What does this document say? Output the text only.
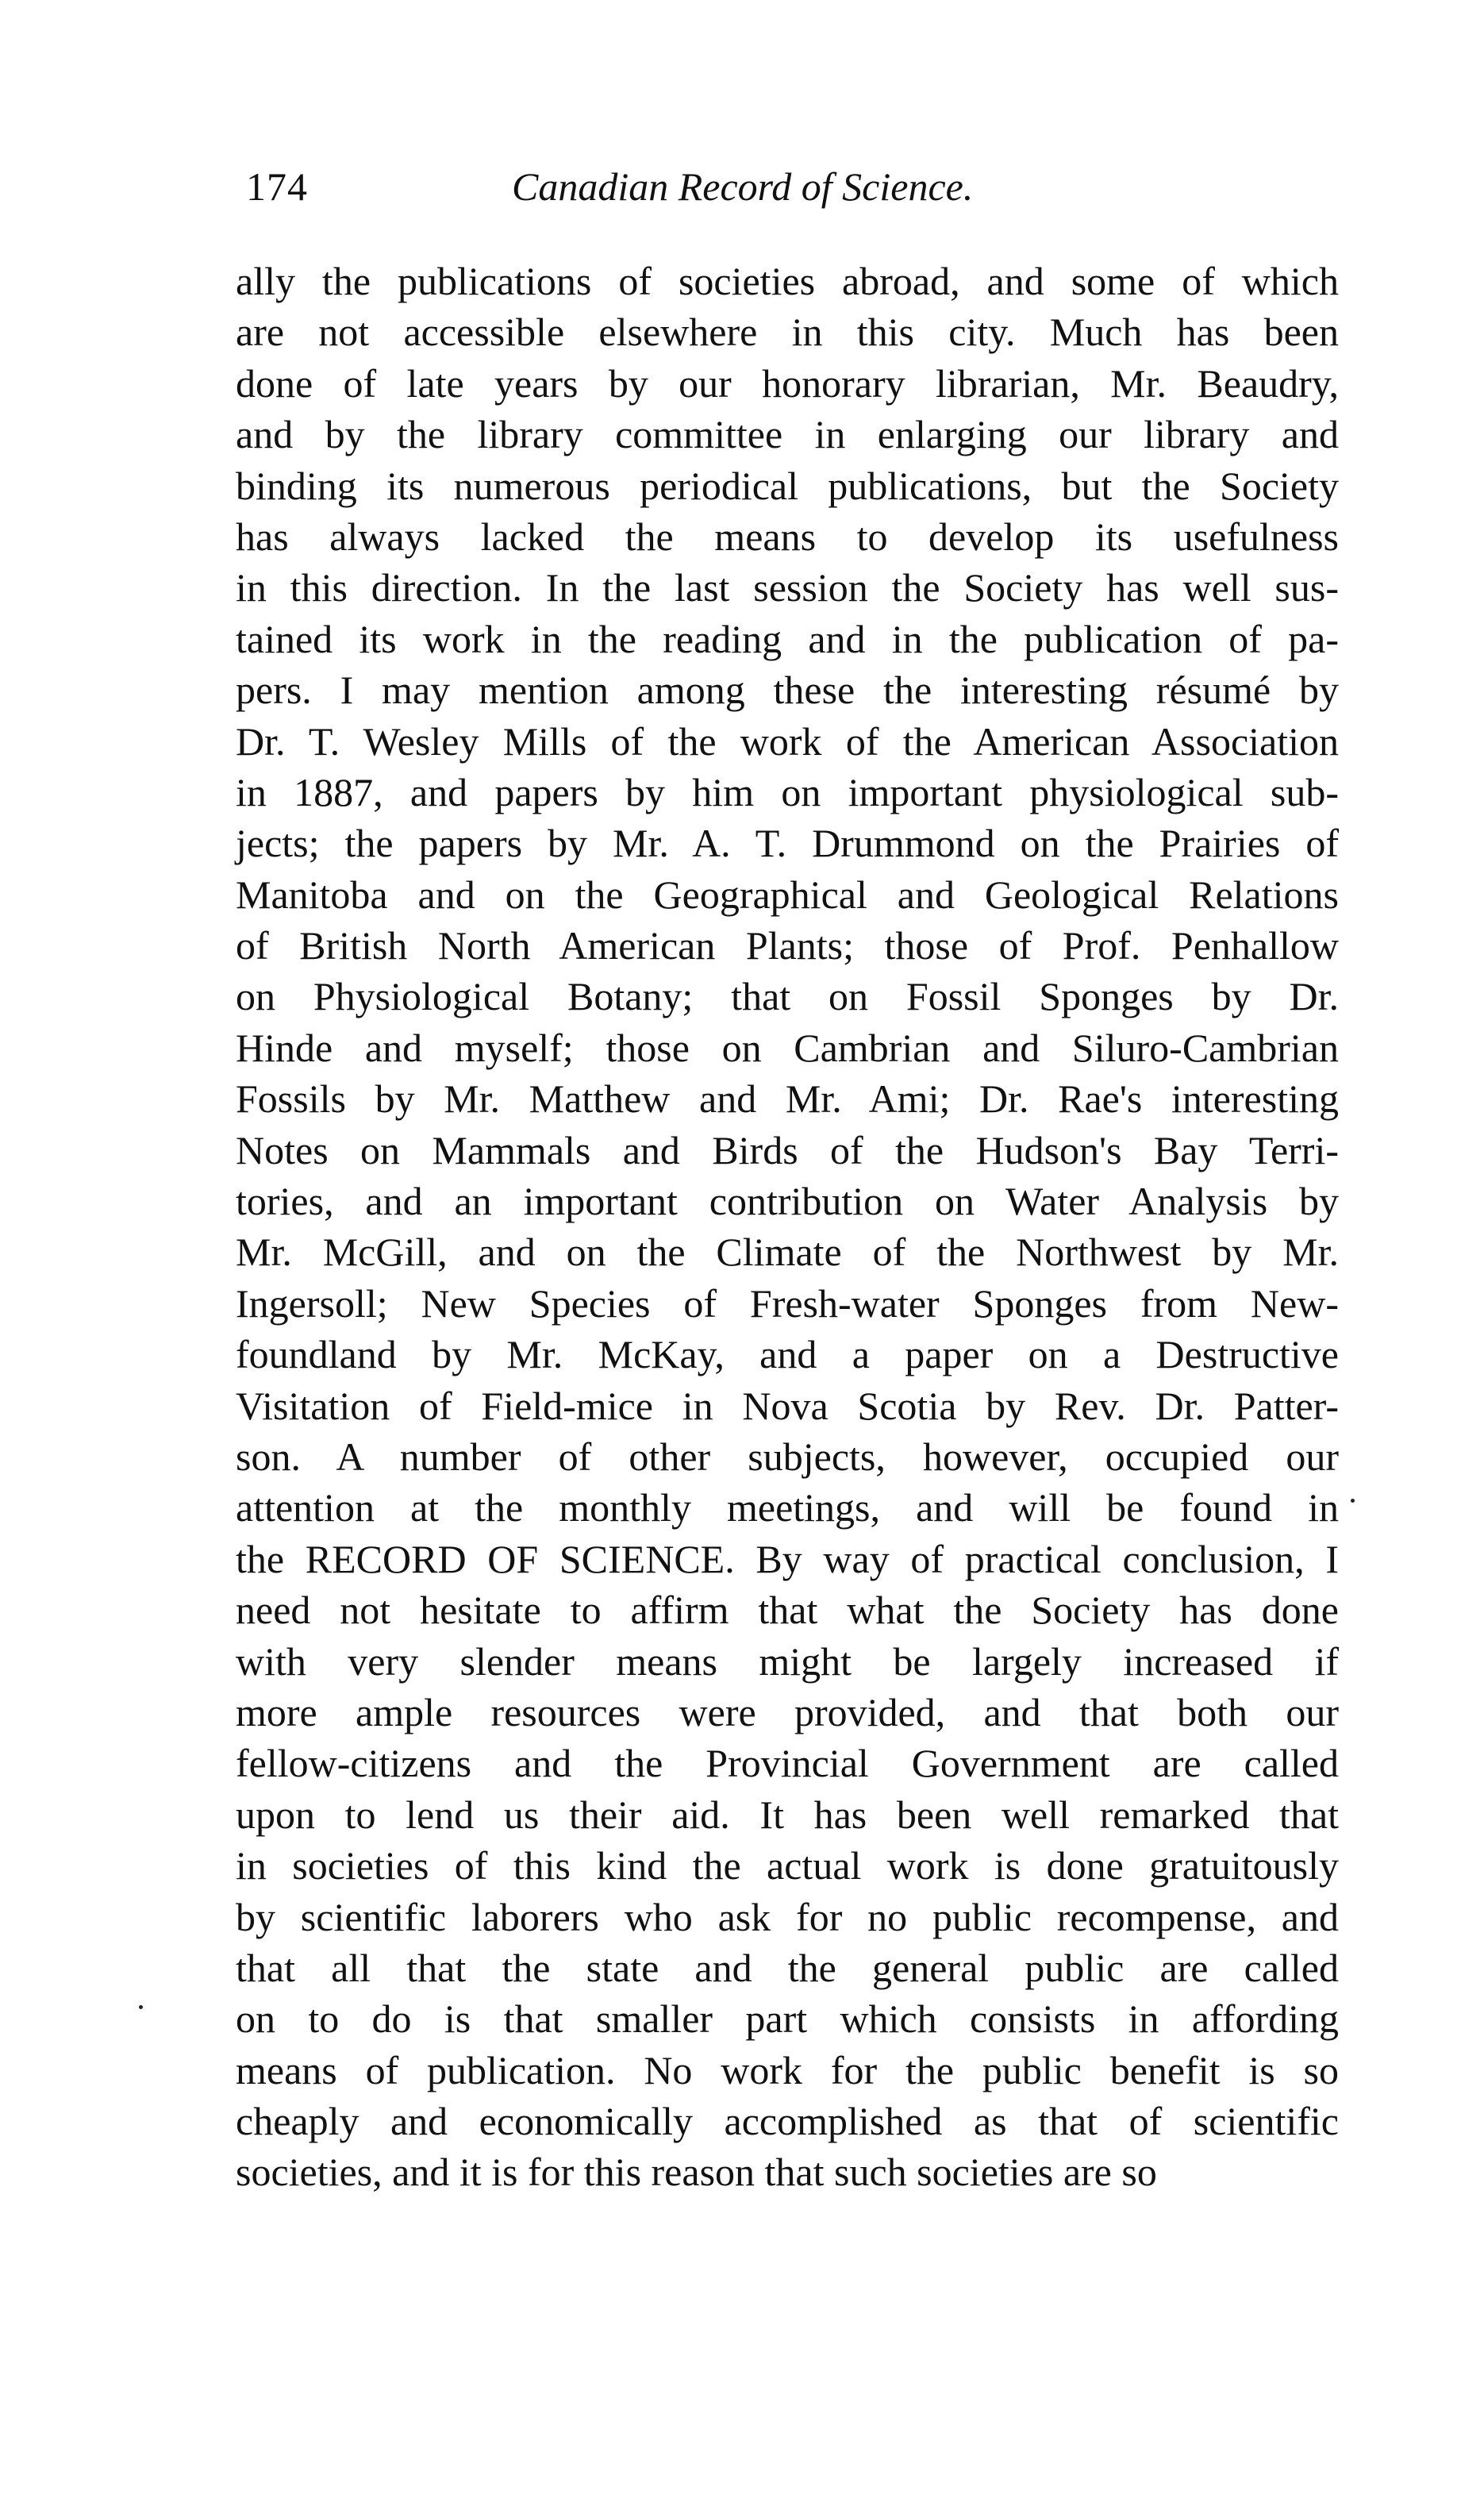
174	Canadian Record of Science.
ally the publications of societies abroad, and some of which
are not accessible elsewhere in this city. Much has been
done of late years by our honorary librarian, Mr. Beaudry,
and by the library committee in enlarging our library and
binding its numerous periodical publications, but the Society
has always lacked the means to develop its usefulness
in this direction. In the last session the Society has well sus-
tained its work in the reading and in the publication of pa-
pers. I may mention among these the interesting résumé by
Dr. T. Wesley Mills of the work of the American Association
in 1887, and papers by him on important physiological sub-
jects; the papers by Mr. A. T. Drummond on the Prairies of
Manitoba and on the Geographical and Geological Relations
of British North American Plants; those of Prof. Penhallow
on Physiological Botany; that on Fossil Sponges by Dr.
Hinde and myself; those on Cambrian and Siluro-Cambrian
Fossils by Mr. Matthew and Mr. Ami; Dr. Rae's interesting
Notes on Mammals and Birds of the Hudson's Bay Terri-
tories, and an important contribution on Water Analysis by
Mr. McGill, and on the Climate of the Northwest by Mr.
Ingersoll; New Species of Fresh-water Sponges from New-
foundland by Mr. McKay, and a paper on a Destructive
Visitation of Field-mice in Nova Scotia by Rev. Dr. Patter-
son. A number of other subjects, however, occupied our
attention at the monthly meetings, and will be found in
the RECORD OF SCIENCE. By way of practical conclusion, I
need not hesitate to affirm that what the Society has done
with very slender means might be largely increased if
more ample resources were provided, and that both our
fellow-citizens and the Provincial Government are called
upon to lend us their aid. It has been well remarked that
in societies of this kind the actual work is done gratuitously
by scientific laborers who ask for no public recompense, and
that all that the state and the general public are called
on to do is that smaller part which consists in affording
means of publication. No work for the public benefit is so
cheaply and economically accomplished as that of scientific
societies, and it is for this reason that such societies are so
